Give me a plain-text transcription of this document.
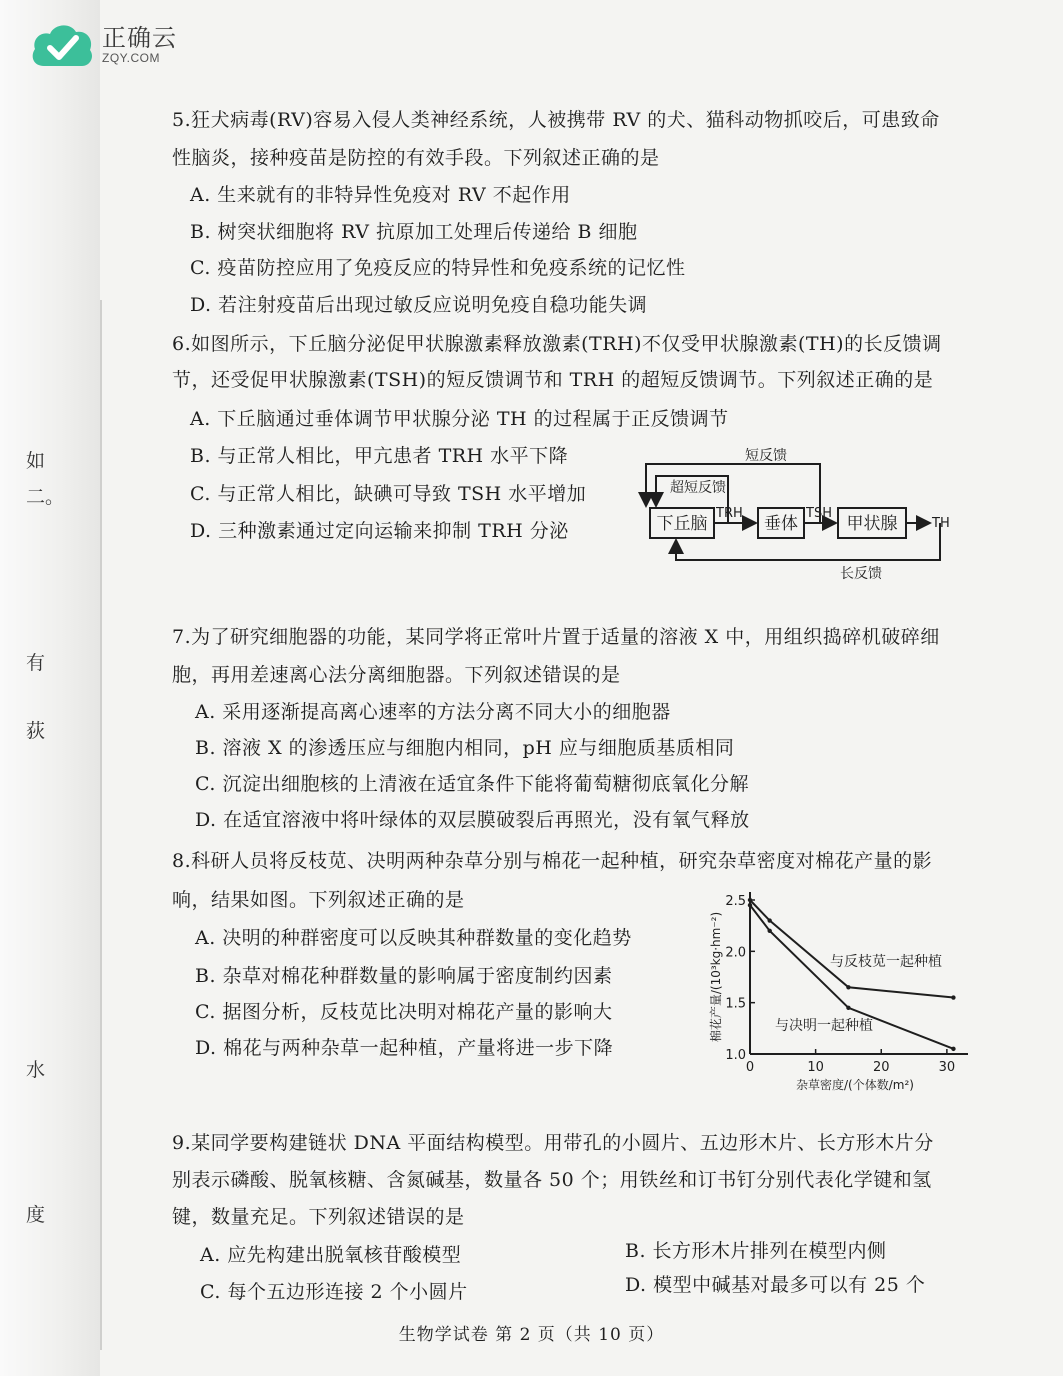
如
二。
有
荻
水
度
正确云
ZQY.COM
5.狂犬病毒(RV)容易入侵人类神经系统，人被携带 RV 的犬、猫科动物抓咬后，可患致命
性脑炎，接种疫苗是防控的有效手段。下列叙述正确的是
A. 生来就有的非特异性免疫对 RV 不起作用
B. 树突状细胞将 RV 抗原加工处理后传递给 B 细胞
C. 疫苗防控应用了免疫反应的特异性和免疫系统的记忆性
D. 若注射疫苗后出现过敏反应说明免疫自稳功能失调
6.如图所示，下丘脑分泌促甲状腺激素释放激素(TRH)不仅受甲状腺激素(TH)的长反馈调
节，还受促甲状腺激素(TSH)的短反馈调节和 TRH 的超短反馈调节。下列叙述正确的是
A. 下丘脑通过垂体调节甲状腺分泌 TH 的过程属于正反馈调节
B. 与正常人相比，甲亢患者 TRH 水平下降
C. 与正常人相比，缺碘可导致 TSH 水平增加
D. 三种激素通过定向运输来抑制 TRH 分泌	下丘脑	垂体	甲状腺
TRH	TSH
TH
超短反馈
短反馈
长反馈
7.为了研究细胞器的功能，某同学将正常叶片置于适量的溶液 X 中，用组织捣碎机破碎细
胞，再用差速离心法分离细胞器。下列叙述错误的是
A. 采用逐渐提高离心速率的方法分离不同大小的细胞器
B. 溶液 X 的渗透压应与细胞内相同，pH 应与细胞质基质相同
C. 沉淀出细胞核的上清液在适宜条件下能将葡萄糖彻底氧化分解
D. 在适宜溶液中将叶绿体的双层膜破裂后再照光，没有氧气释放
8.科研人员将反枝苋、决明两种杂草分别与棉花一起种植，研究杂草密度对棉花产量的影
响，结果如图。下列叙述正确的是
A. 决明的种群密度可以反映其种群数量的变化趋势
B. 杂草对棉花种群数量的影响属于密度制约因素
C. 据图分析，反枝苋比决明对棉花产量的影响大
D. 棉花与两种杂草一起种植，产量将进一步下降	1.0
1.5
2.0
2.5
0	10	20	30
杂草密度/(个体数/m²)
棉花产量/(10³kg·hm⁻²)	与反枝苋一起种植
与决明一起种植
9.某同学要构建链状 DNA 平面结构模型。用带孔的小圆片、五边形木片、长方形木片分
别表示磷酸、脱氧核糖、含氮碱基，数量各 50 个；用铁丝和订书钉分别代表化学键和氢
键，数量充足。下列叙述错误的是
A. 应先构建出脱氧核苷酸模型	B. 长方形木片排列在模型内侧
C. 每个五边形连接 2 个小圆片	D. 模型中碱基对最多可以有 25 个
生物学试卷 第 2 页（共 10 页）
